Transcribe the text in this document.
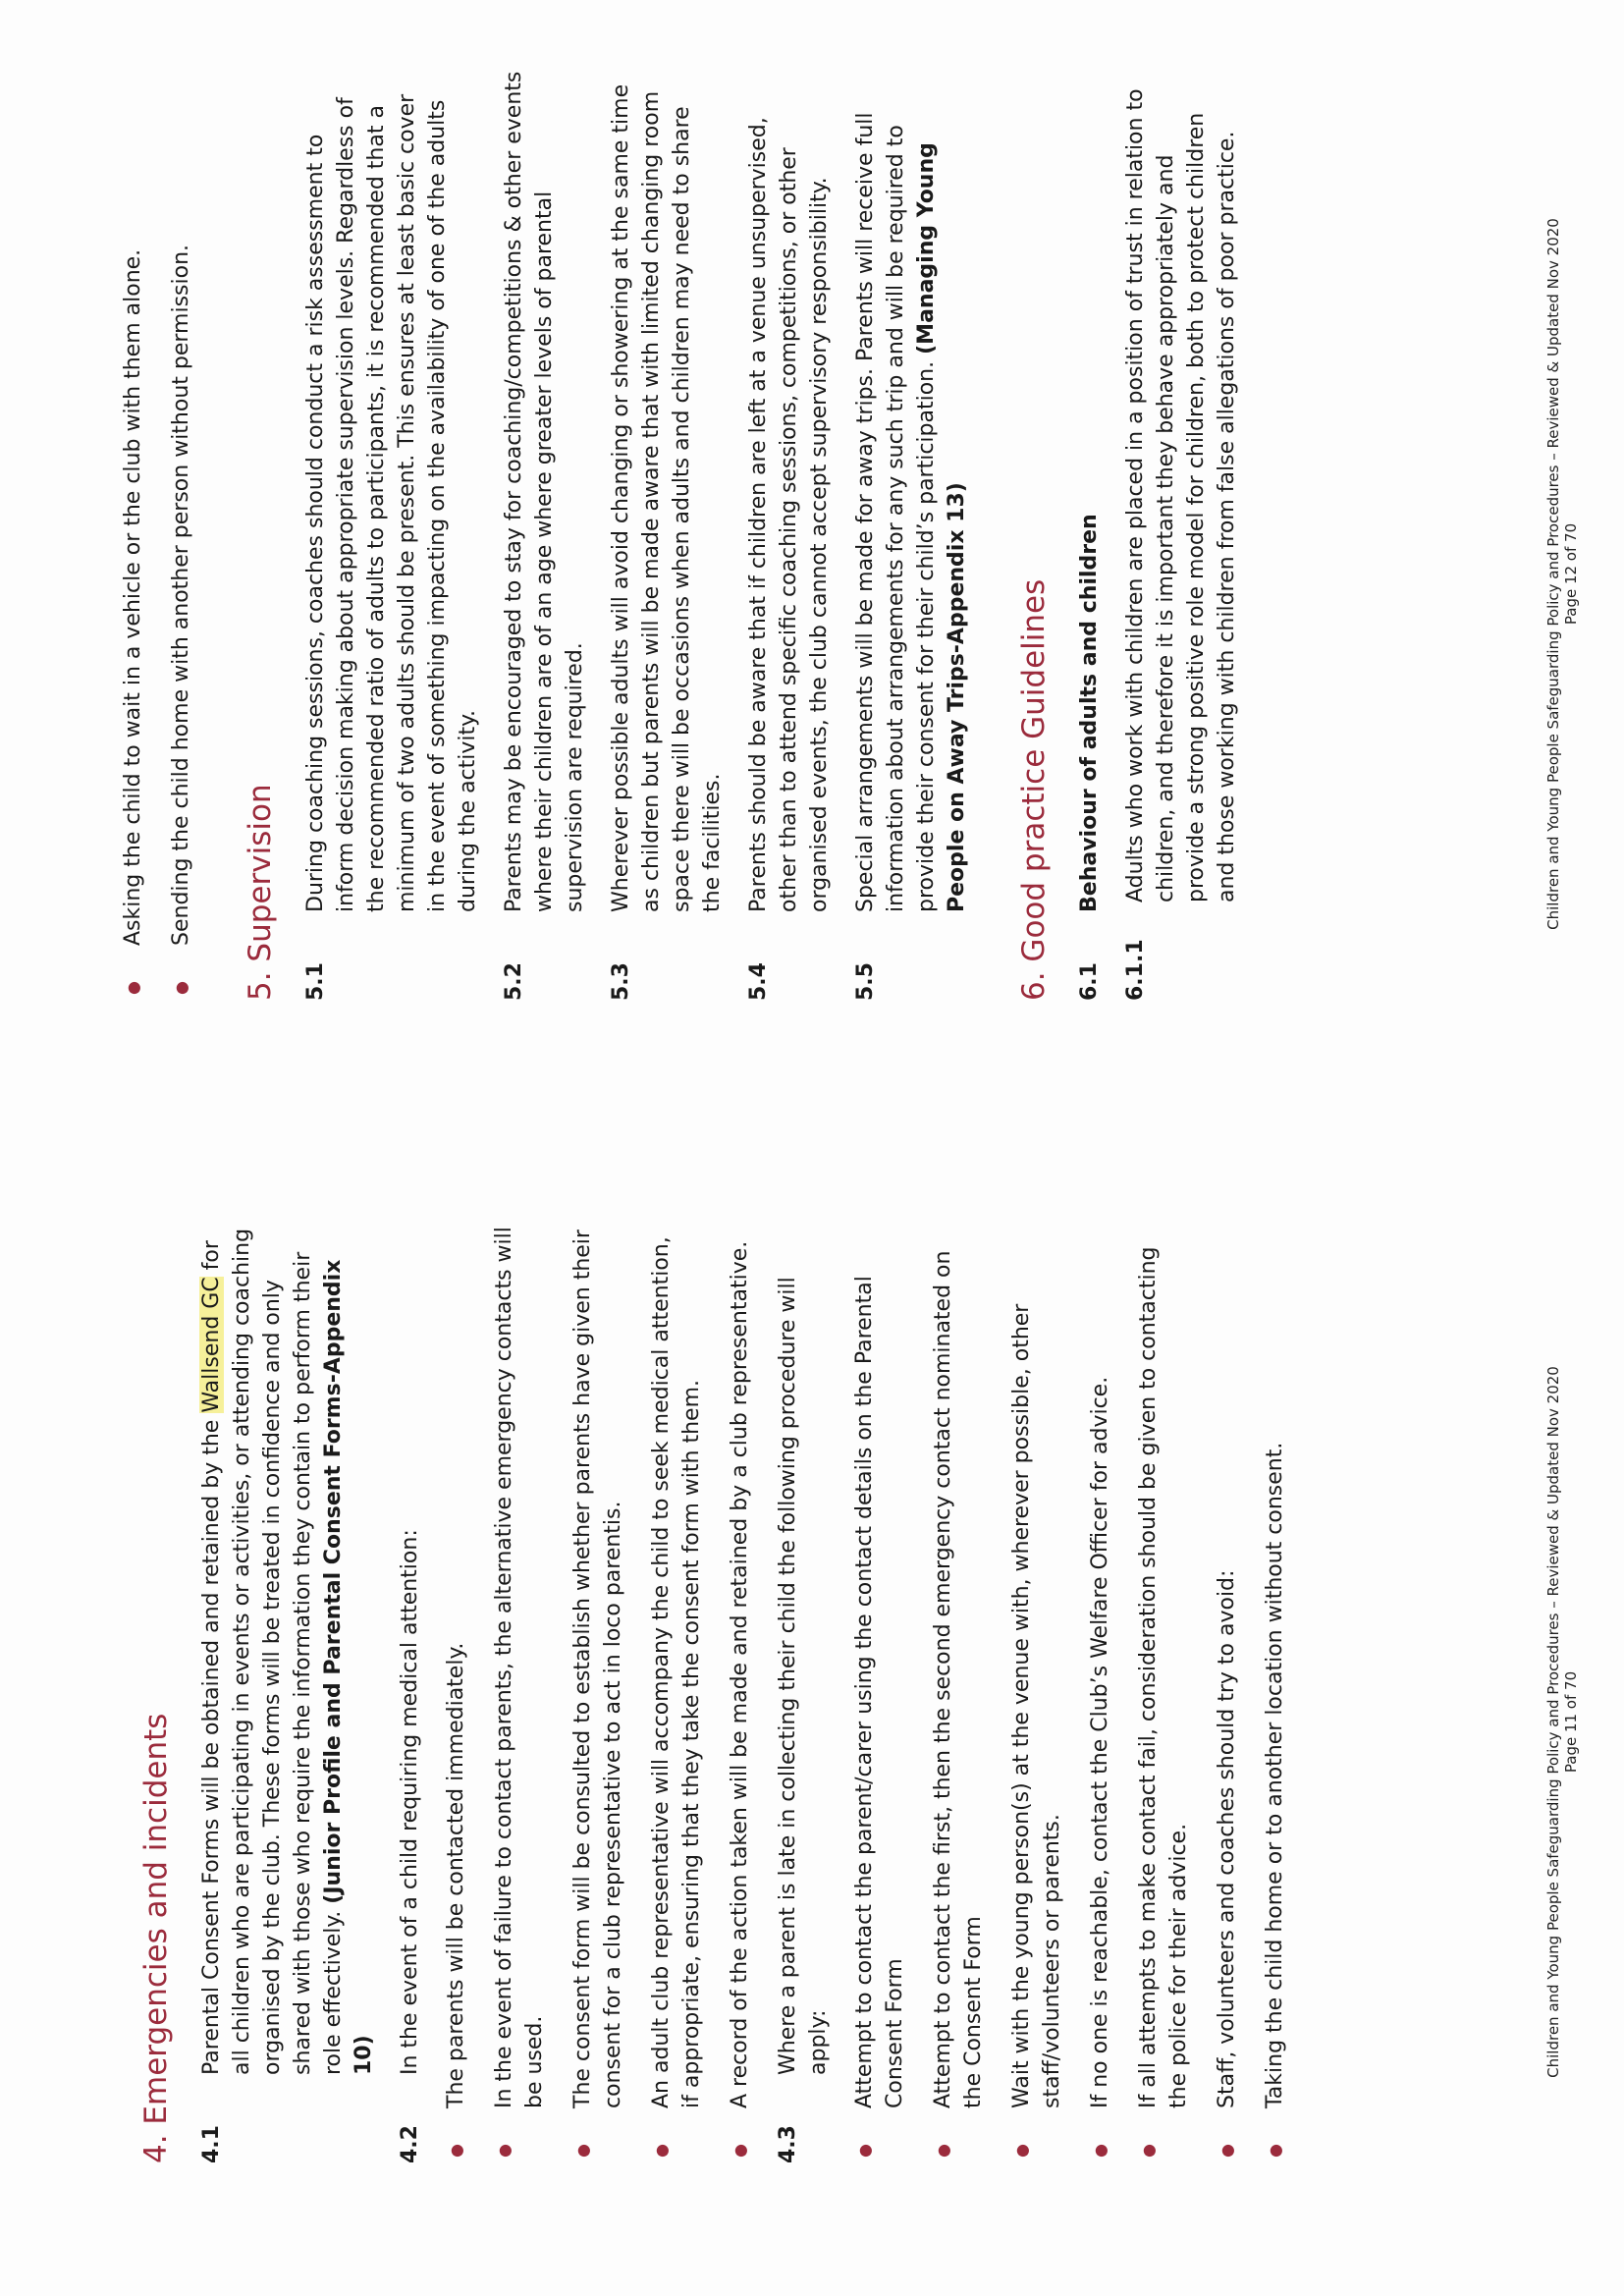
4. Emergencies and incidents 4.1
Parental Consent Forms will be obtained and retained by the Wallsend GC for all children who are participating in events or activities, or attending coaching organised by the club. These forms will be treated in confidence and only shared with those who require the information they contain to perform their role effectively. (Junior Profile and Parental Consent Forms-Appendix 10)
4.2
In the event of a child requiring medical attention:
●
The parents will be contacted immediately.
●
In the event of failure to contact parents, the alternative emergency contacts will be used.
●
The consent form will be consulted to establish whether parents have given their consent for a club representative to act in loco parentis.
●
An adult club representative will accompany the child to seek medical attention, if appropriate, ensuring that they take the consent form with them.
●
A record of the action taken will be made and retained by a club representative.
4.3
Where a parent is late in collecting their child the following procedure will apply:
●
Attempt to contact the parent/carer using the contact details on the Parental Consent Form
●
Attempt to contact the first, then the second emergency contact nominated on the Consent Form
●
Wait with the young person(s) at the venue with, wherever possible, other staff/volunteers or parents.
●
If no one is reachable, contact the Club’s Welfare Officer for advice.
●
If all attempts to make contact fail, consideration should be given to contacting the police for their advice.
●
Staff, volunteers and coaches should try to avoid:
●
Taking the child home or to another location without consent.	Children and Young People Safeguarding Policy and Procedures – Reviewed & Updated Nov 2020 Page 11 of 70
●
Asking the child to wait in a vehicle or the club with them alone.
●
Sending the child home with another person without permission. 5. Supervision 5.1
During coaching sessions, coaches should conduct a risk assessment to inform decision making about appropriate supervision levels. Regardless of the recommended ratio of adults to participants, it is recommended that a minimum of two adults should be present. This ensures at least basic cover in the event of something impacting on the availability of one of the adults during the activity.
5.2
Parents may be encouraged to stay for coaching/competitions & other events where their children are of an age where greater levels of parental supervision are required.
5.3
Wherever possible adults will avoid changing or showering at the same time as children but parents will be made aware that with limited changing room space there will be occasions when adults and children may need to share the facilities.
5.4
Parents should be aware that if children are left at a venue unsupervised, other than to attend specific coaching sessions, competitions, or other organised events, the club cannot accept supervisory responsibility.
5.5
Special arrangements will be made for away trips. Parents will receive full information about arrangements for any such trip and will be required to provide their consent for their child’s participation. (Managing Young People on Away Trips-Appendix 13) 6. Good practice Guidelines 6.1
Behaviour of adults and children
6.1.1
Adults who work with children are placed in a position of trust in relation to children, and therefore it is important they behave appropriately and provide a strong positive role model for children, both to protect children and those working with children from false allegations of poor practice.	Children and Young People Safeguarding Policy and Procedures – Reviewed & Updated Nov 2020 Page 12 of 70
